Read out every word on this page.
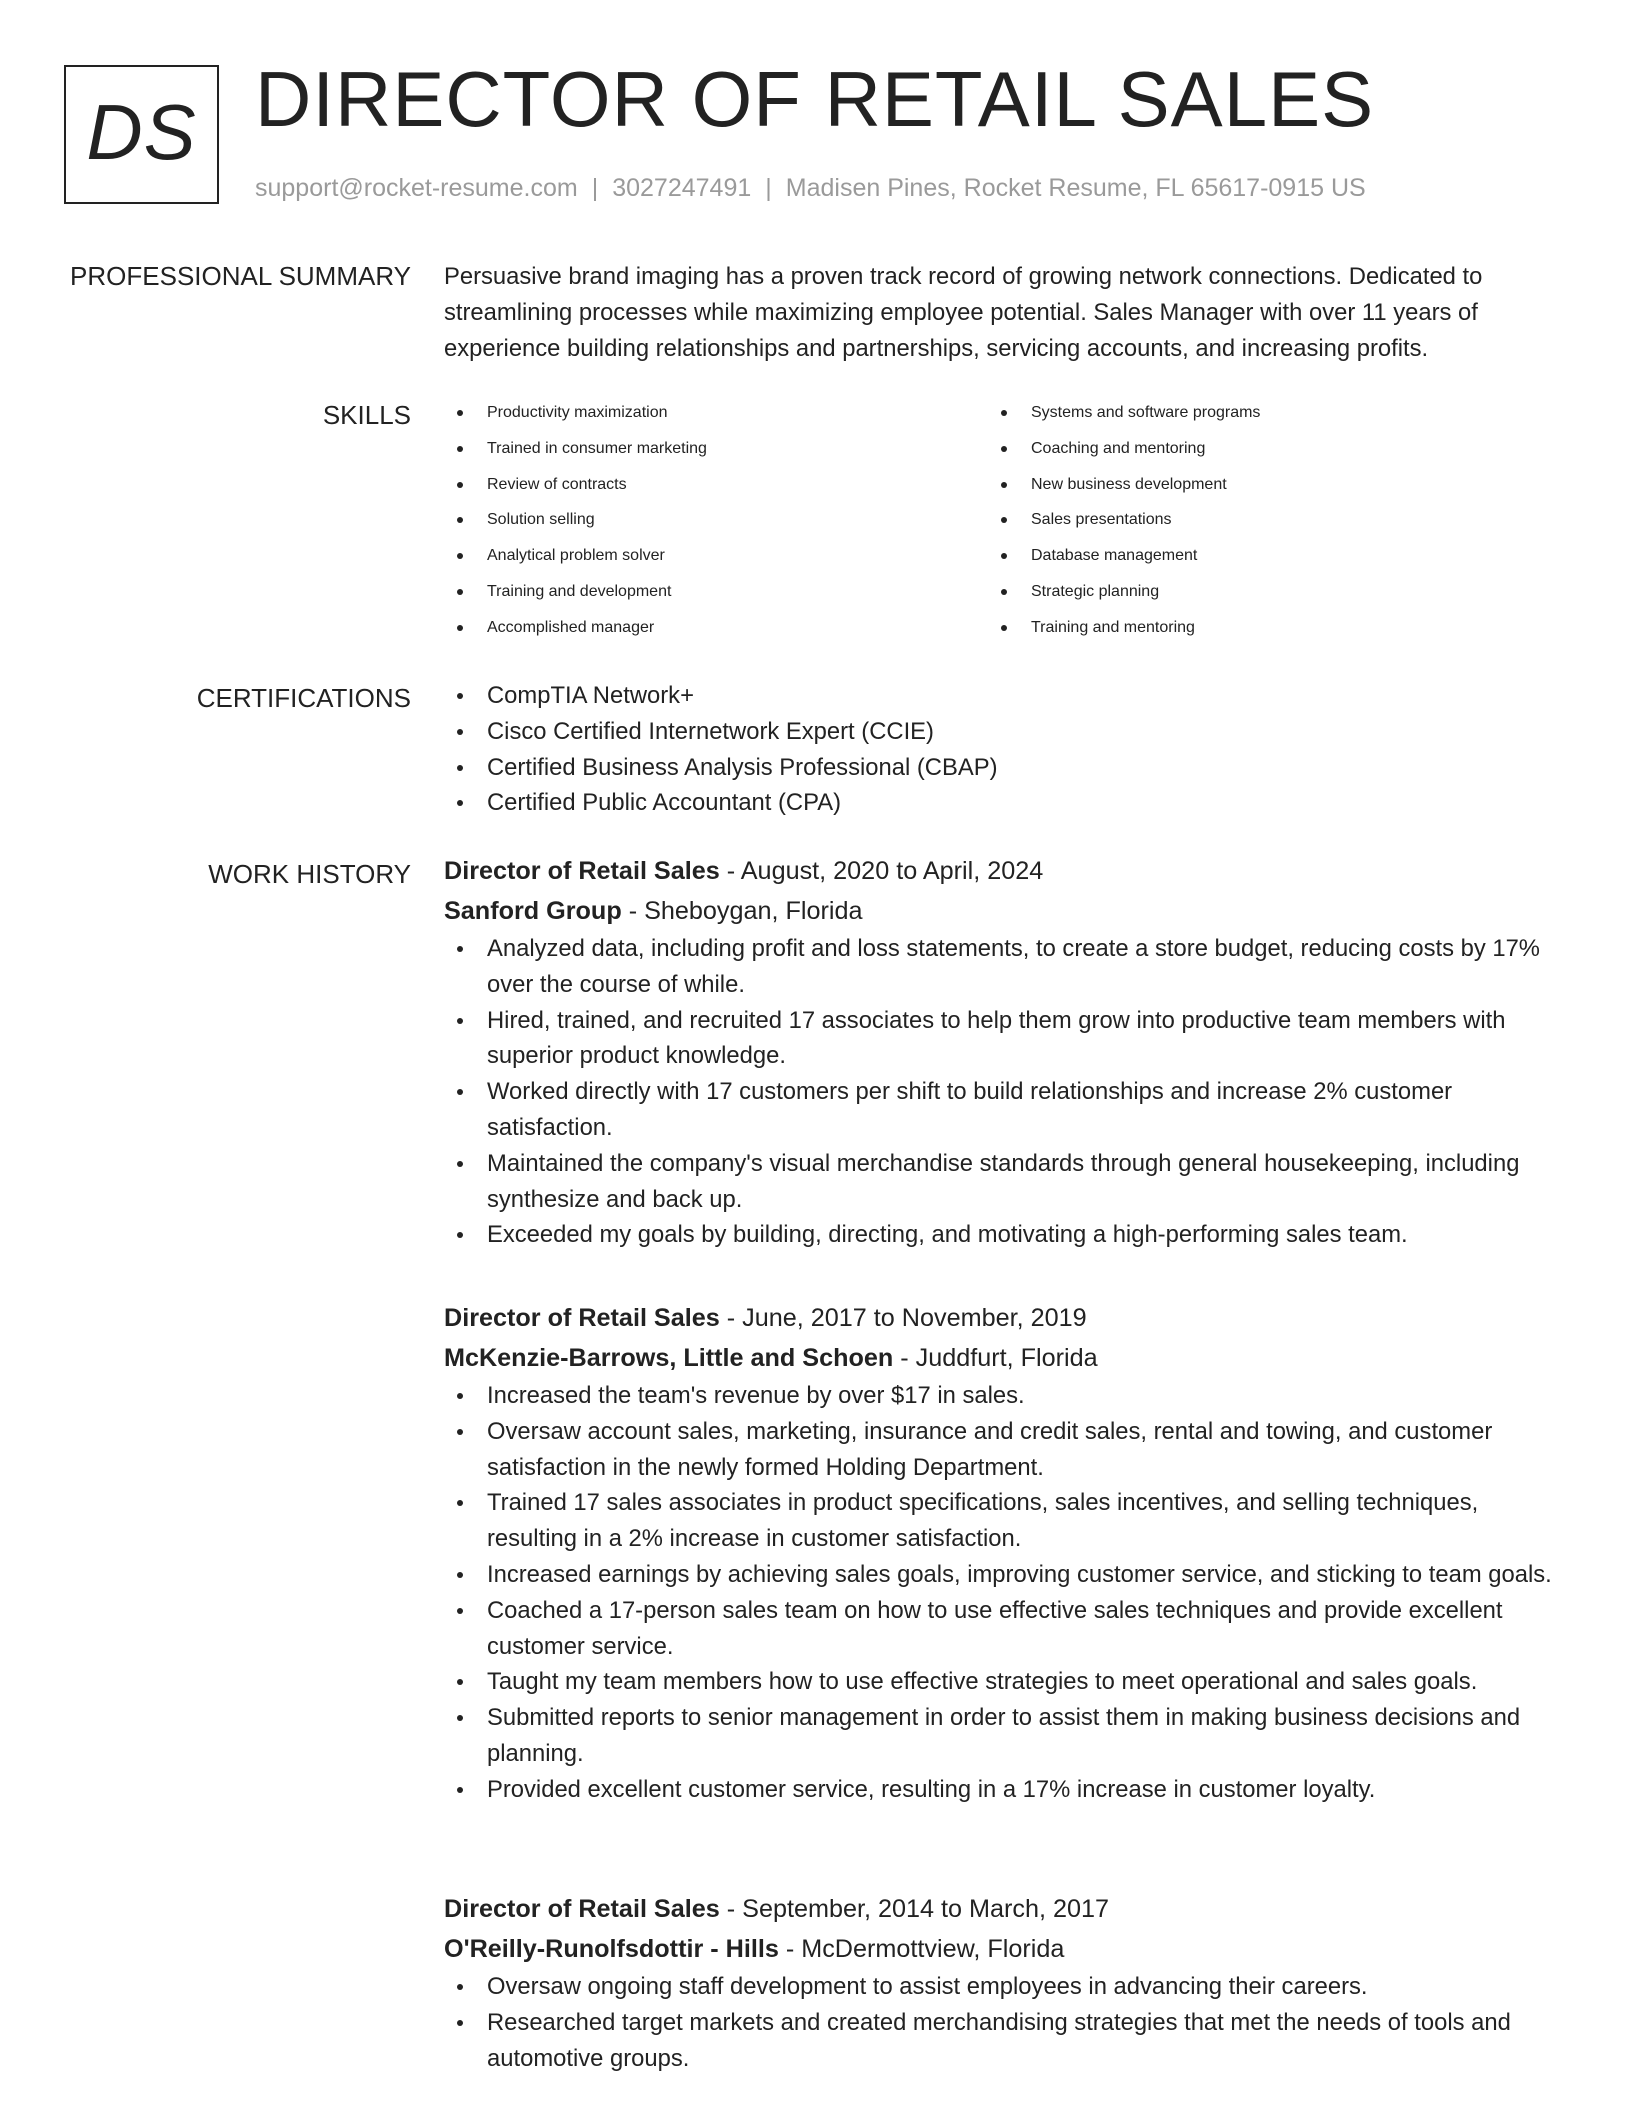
DS DIRECTOR OF RETAIL SALES
support@rocket-resume.com | 3027247491 | Madisen Pines, Rocket Resume, FL 65617-0915 US
PROFESSIONAL SUMMARY Persuasive brand imaging has a proven track record of growing network connections. Dedicated to streamlining processes while maximizing employee potential. Sales Manager with over 11 years of experience building relationships and partnerships, servicing accounts, and increasing profits.
SKILLS	Productivity maximization
Trained in consumer marketing
Review of contracts
Solution selling
Analytical problem solver
Training and development
Accomplished manager
Systems and software programs
Coaching and mentoring
New business development
Sales presentations
Database management
Strategic planning
Training and mentoring
CERTIFICATIONS	CompTIA Network+
Cisco Certified Internetwork Expert (CCIE)
Certified Business Analysis Professional (CBAP)
Certified Public Accountant (CPA)
WORK HISTORY Director of Retail Sales - August, 2020 to April, 2024
Sanford Group - Sheboygan, Florida
Analyzed data, including profit and loss statements, to create a store budget, reducing costs by 17% over the course of while.
Hired, trained, and recruited 17 associates to help them grow into productive team members with superior product knowledge.
Worked directly with 17 customers per shift to build relationships and increase 2% customer satisfaction.
Maintained the company's visual merchandise standards through general housekeeping, including synthesize and back up.
Exceeded my goals by building, directing, and motivating a high-performing sales team.
Director of Retail Sales - June, 2017 to November, 2019
McKenzie-Barrows, Little and Schoen - Juddfurt, Florida
Increased the team's revenue by over $17 in sales.
Oversaw account sales, marketing, insurance and credit sales, rental and towing, and customer satisfaction in the newly formed Holding Department.
Trained 17 sales associates in product specifications, sales incentives, and selling techniques, resulting in a 2% increase in customer satisfaction.
Increased earnings by achieving sales goals, improving customer service, and sticking to team goals.
Coached a 17-person sales team on how to use effective sales techniques and provide excellent customer service.
Taught my team members how to use effective strategies to meet operational and sales goals.
Submitted reports to senior management in order to assist them in making business decisions and planning.
Provided excellent customer service, resulting in a 17% increase in customer loyalty.
Director of Retail Sales - September, 2014 to March, 2017
O'Reilly-Runolfsdottir - Hills - McDermottview, Florida
Oversaw ongoing staff development to assist employees in advancing their careers.
Researched target markets and created merchandising strategies that met the needs of tools and automotive groups.
